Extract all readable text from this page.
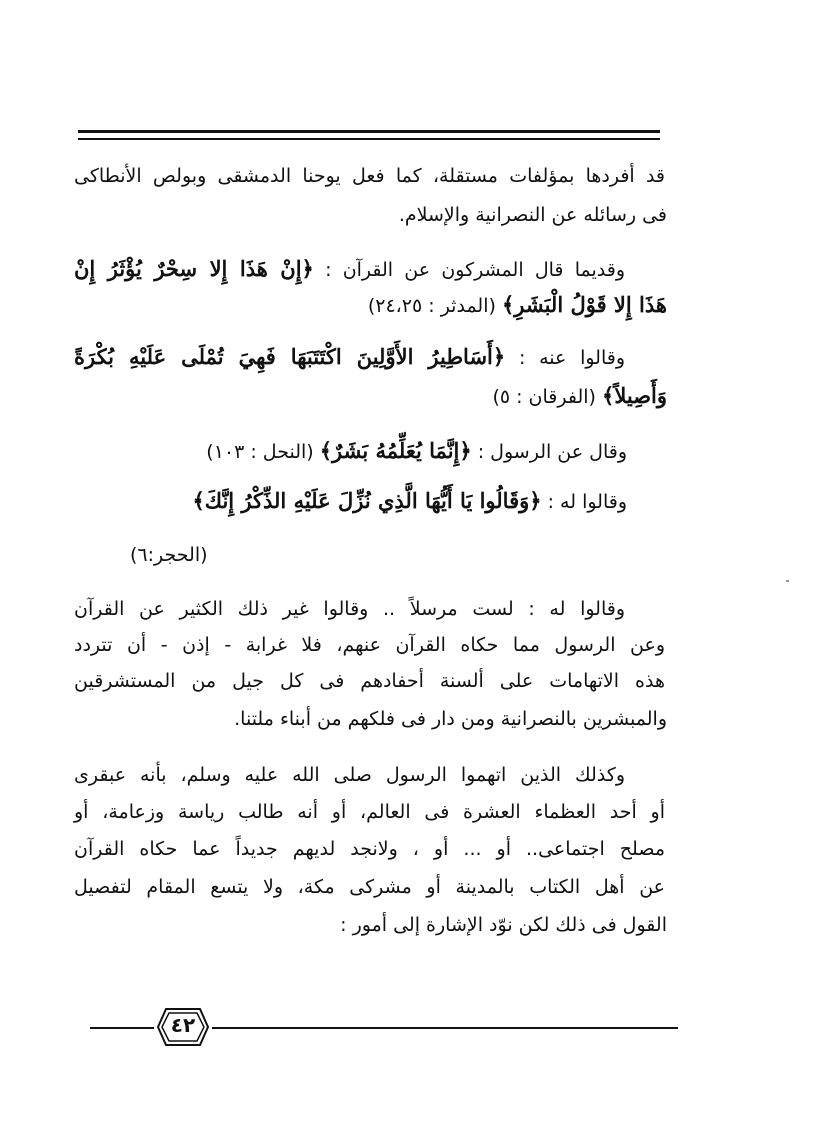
قد أفردها بمؤلفات مستقلة، كما فعل يوحنا الدمشقى وبولص الأنطاكى
فى رسائله عن النصرانية والإسلام.
وقديما قال المشركون عن القرآن : ﴿إِنْ هَذَا إِلا سِحْرٌ يُؤْثَرُ إِنْ
هَذَا إِلا قَوْلُ الْبَشَرِ﴾ (المدثر : ٢٤،٢٥)
وقالوا عنه : ﴿أَسَاطِيرُ الأَوَّلِينَ اكْتَتَبَهَا فَهِيَ تُمْلَى عَلَيْهِ بُكْرَةً
وَأَصِيلاً﴾ (الفرقان : ٥)
وقال عن الرسول : ﴿إِنَّمَا يُعَلِّمُهُ بَشَرٌ﴾ (النحل : ١٠٣)
وقالوا له : ﴿وَقَالُوا يَا أَيُّهَا الَّذِي نُزِّلَ عَلَيْهِ الذِّكْرُ إِنَّكَ﴾
(الحجر:٦)
وقالوا له : لست مرسلاً .. وقالوا غير ذلك الكثير عن القرآن
وعن الرسول مما حكاه القرآن عنهم، فلا غرابة - إذن - أن تتردد
هذه الاتهامات على ألسنة أحفادهم فى كل جيل من المستشرقين
والمبشرين بالنصرانية ومن دار فى فلكهم من أبناء ملتنا.
وكذلك الذين اتهموا الرسول صلى الله عليه وسلم، بأنه عبقرى
أو أحد العظماء العشرة فى العالم، أو أنه طالب رياسة وزعامة، أو
مصلح اجتماعى.. أو ... أو ، ولانجد لديهم جديداً عما حكاه القرآن
عن أهل الكتاب بالمدينة أو مشركى مكة، ولا يتسع المقام لتفصيل
القول فى ذلك لكن نوّد الإشارة إلى أمور :
٤٢
